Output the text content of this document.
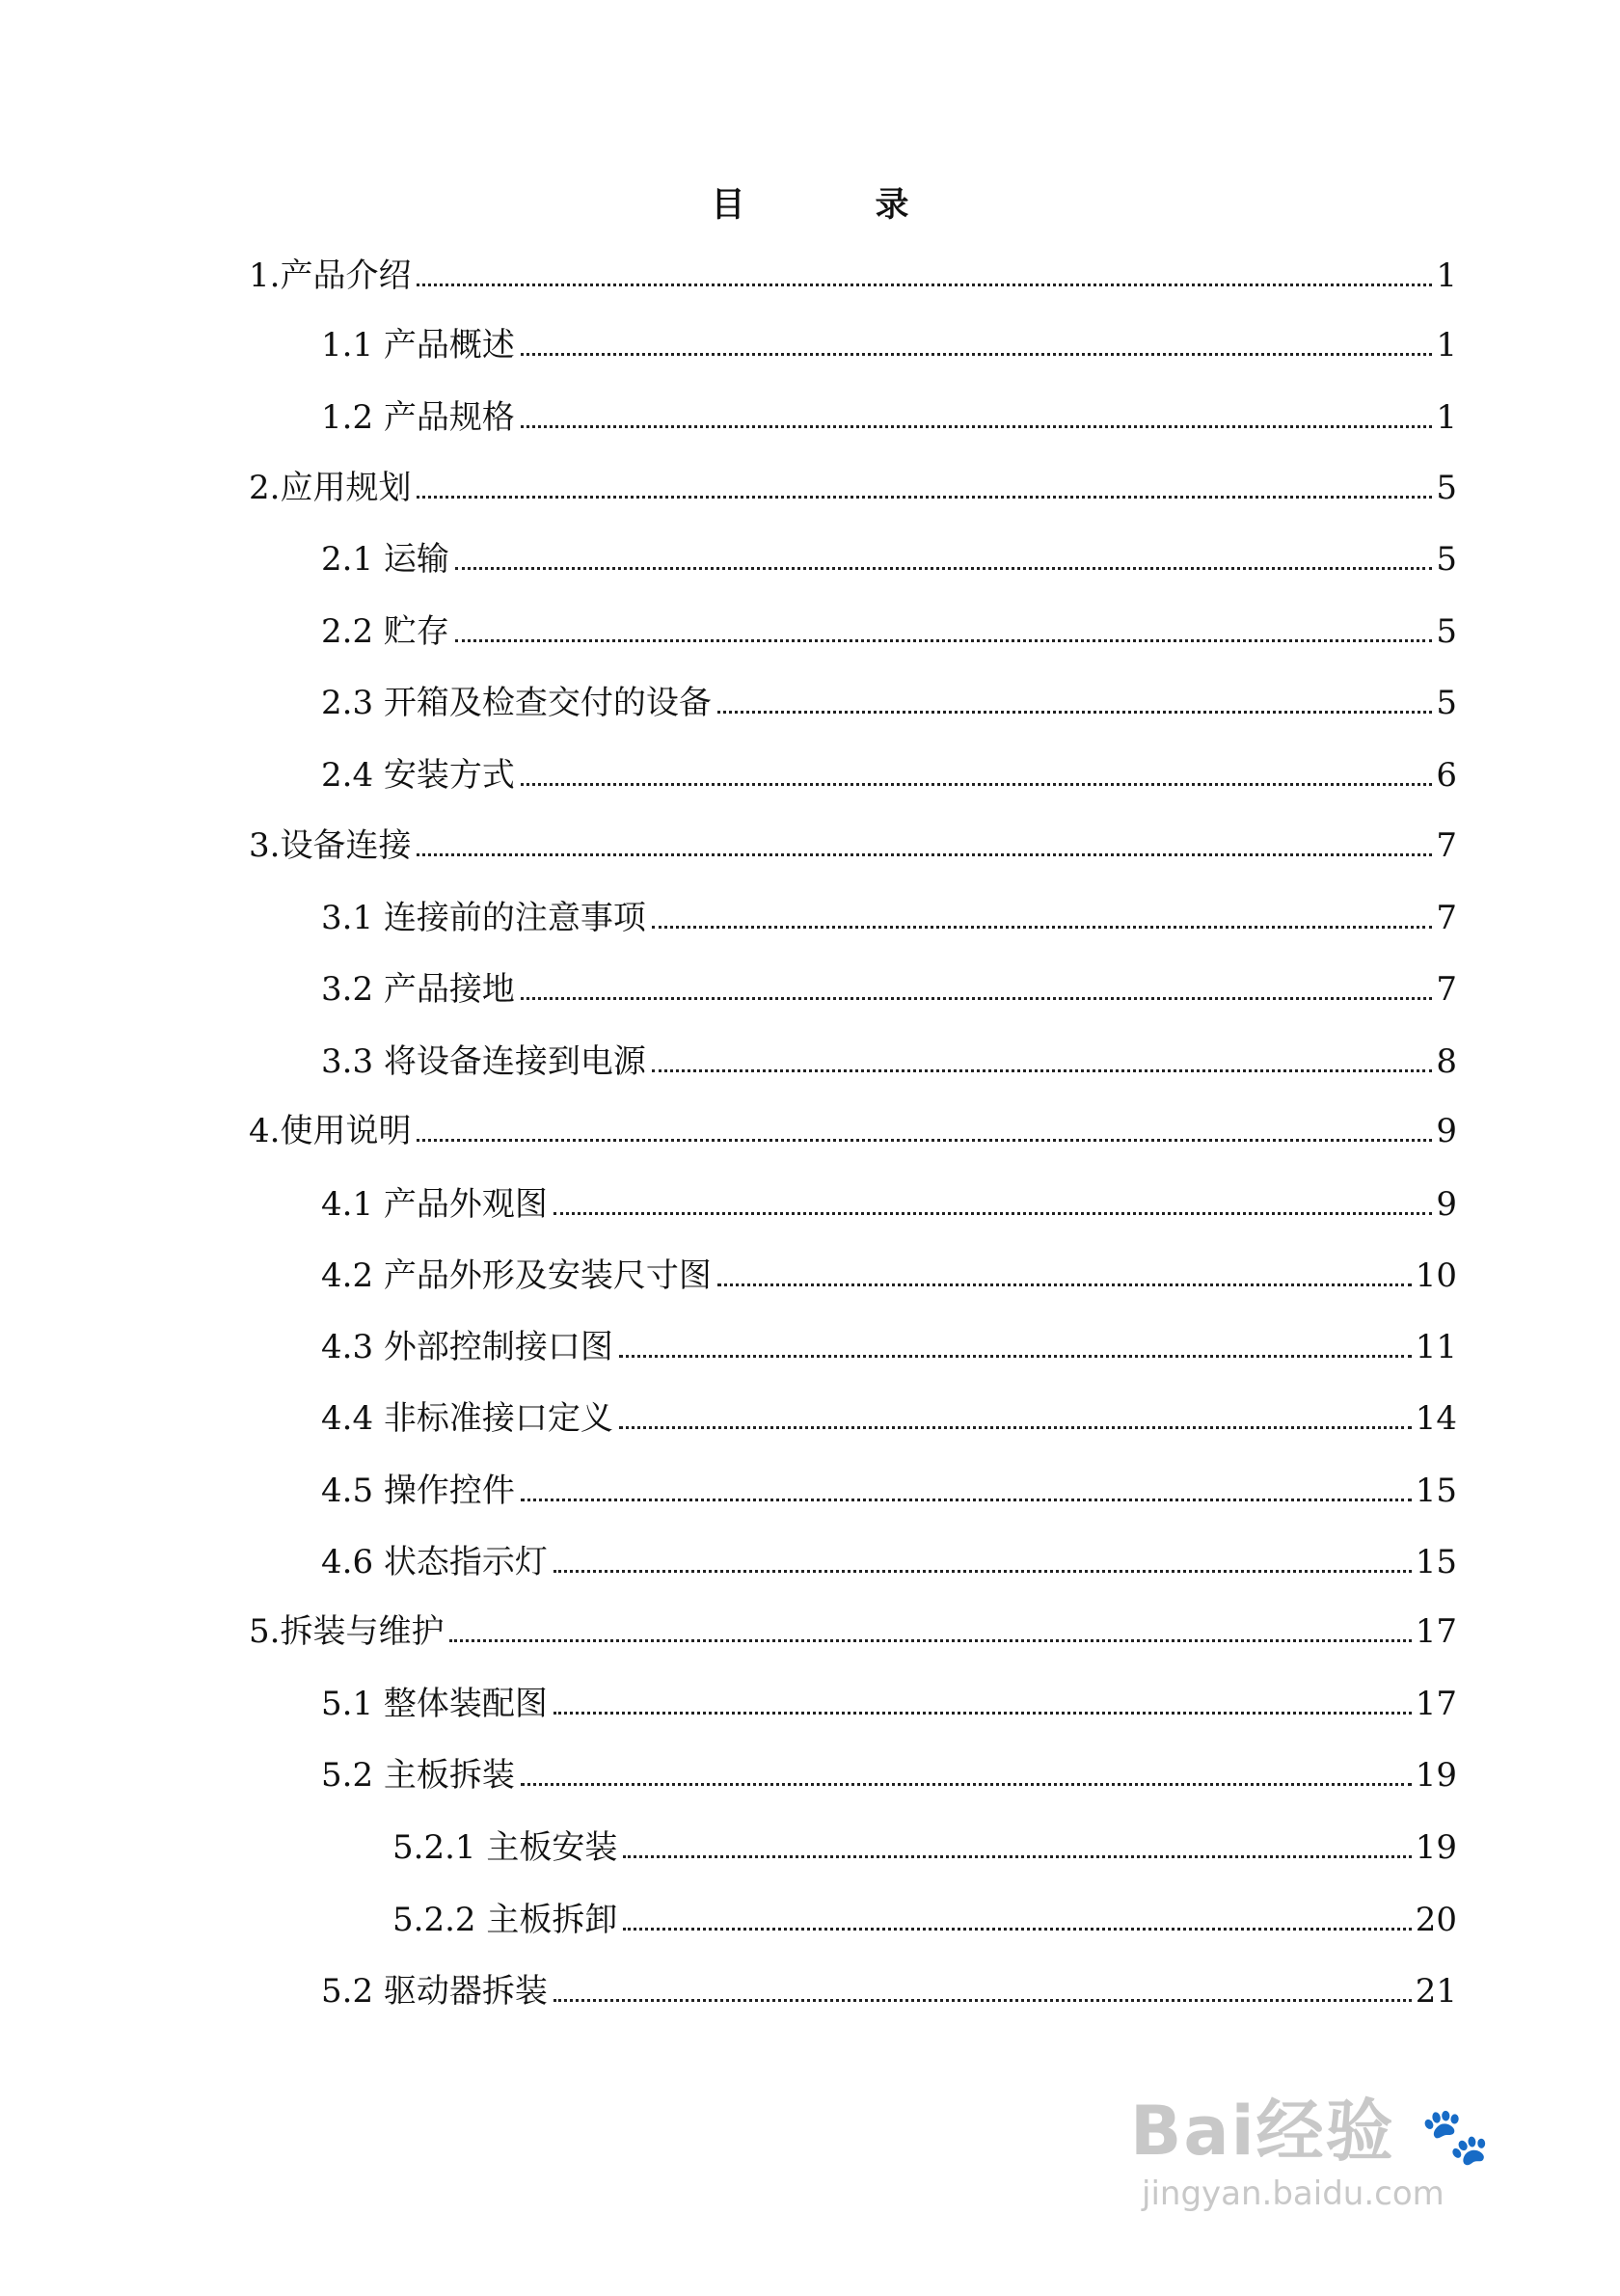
目　录
1.产品介绍	1
1.1 产品概述	1
1.2 产品规格	1
2.应用规划	5
2.1 运输	5
2.2 贮存	5
2.3 开箱及检查交付的设备	5
2.4 安装方式	6
3.设备连接	7
3.1 连接前的注意事项	7
3.2 产品接地	7
3.3 将设备连接到电源	8
4.使用说明	9
4.1 产品外观图	9
4.2 产品外形及安装尺寸图	10
4.3 外部控制接口图	11
4.4 非标准接口定义	14
4.5 操作控件	15
4.6 状态指示灯	15
5.拆装与维护	17
5.1 整体装配图	17
5.2 主板拆装	19
5.2.1 主板安装	19
5.2.2 主板拆卸	20
5.2 驱动器拆装	21
Bai经验 🐾
jingyan.baidu.com
